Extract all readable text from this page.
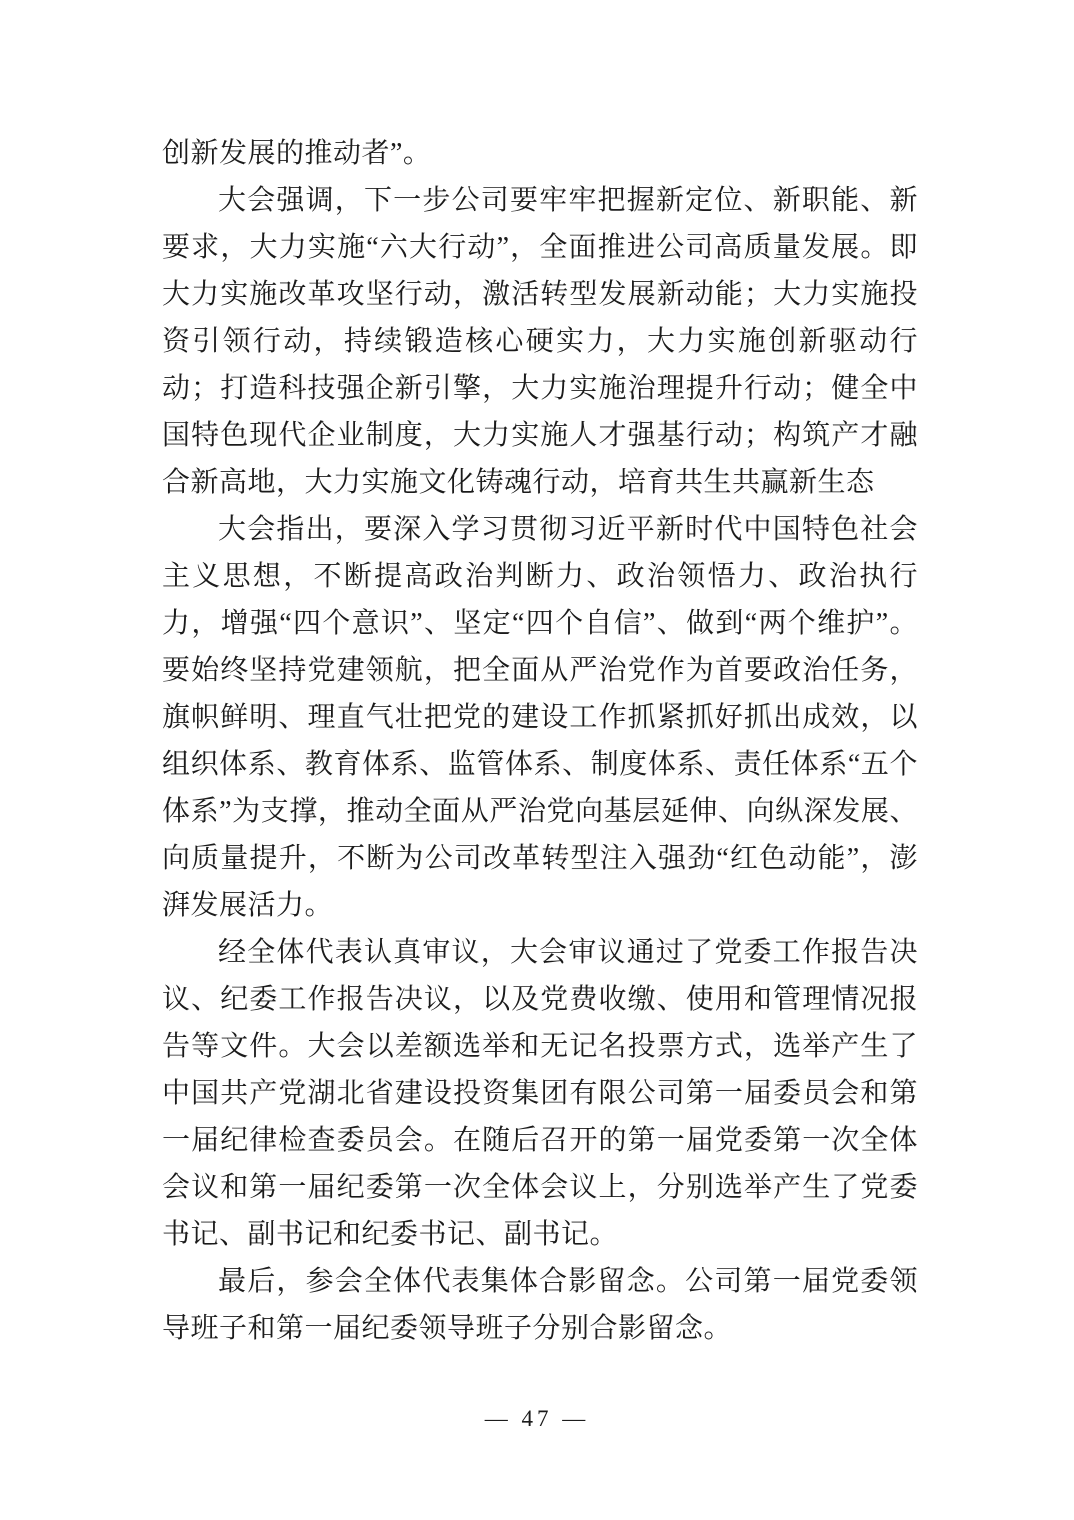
创新发展的推动者”。

大会强调，下一步公司要牢牢把握新定位、新职能、新要求，大力实施“六大行动”，全面推进公司高质量发展。即大力实施改革攻坚行动，激活转型发展新动能；大力实施投资引领行动，持续锻造核心硬实力，大力实施创新驱动行动；打造科技强企新引擎，大力实施治理提升行动；健全中国特色现代企业制度，大力实施人才强基行动；构筑产才融合新高地，大力实施文化铸魂行动，培育共生共赢新生态

大会指出，要深入学习贯彻习近平新时代中国特色社会主义思想，不断提高政治判断力、政治领悟力、政治执行力，增强“四个意识”、坚定“四个自信”、做到“两个维护”。要始终坚持党建领航，把全面从严治党作为首要政治任务，旗帜鲜明、理直气壮把党的建设工作抓紧抓好抓出成效，以组织体系、教育体系、监管体系、制度体系、责任体系“五个体系”为支撑，推动全面从严治党向基层延伸、向纵深发展、向质量提升，不断为公司改革转型注入强劲“红色动能”，澎湃发展活力。

经全体代表认真审议，大会审议通过了党委工作报告决议、纪委工作报告决议，以及党费收缴、使用和管理情况报告等文件。大会以差额选举和无记名投票方式，选举产生了中国共产党湖北省建设投资集团有限公司第一届委员会和第一届纪律检查委员会。在随后召开的第一届党委第一次全体会议和第一届纪委第一次全体会议上，分别选举产生了党委书记、副书记和纪委书记、副书记。

最后，参会全体代表集体合影留念。公司第一届党委领导班子和第一届纪委领导班子分别合影留念。

— 47 —
